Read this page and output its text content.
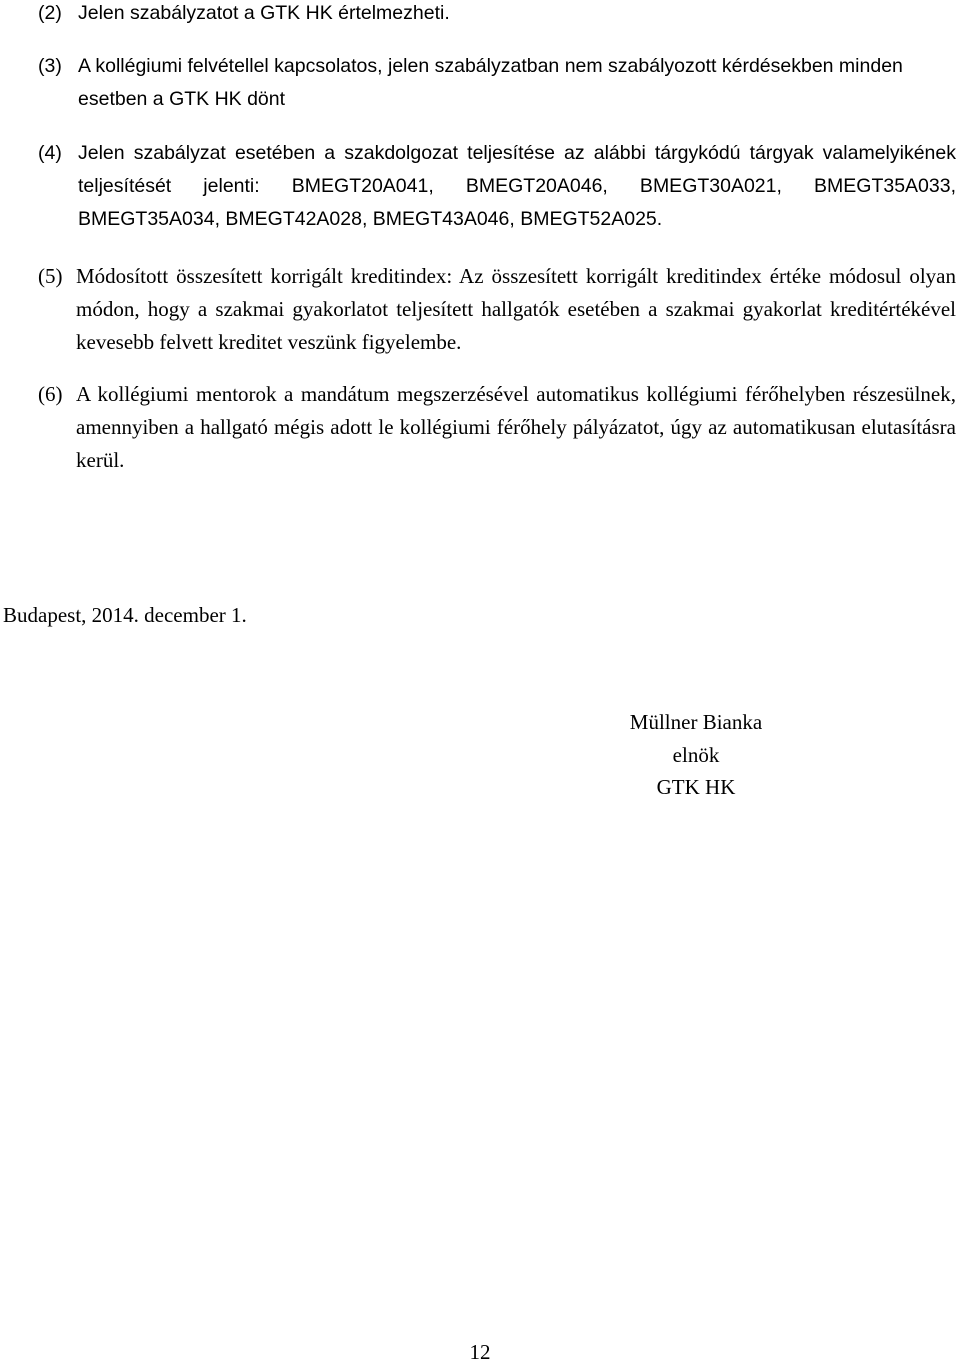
(2) Jelen szabályzatot a GTK HK értelmezheti.
(3) A kollégiumi felvétellel kapcsolatos, jelen szabályzatban nem szabályozott kérdésekben minden esetben a GTK HK dönt
(4) Jelen szabályzat esetében a szakdolgozat teljesítése az alábbi tárgykódú tárgyak valamelyikének teljesítését jelenti: BMEGT20A041, BMEGT20A046, BMEGT30A021, BMEGT35A033, BMEGT35A034, BMEGT42A028, BMEGT43A046, BMEGT52A025.
(5) Módosított összesített korrigált kreditindex: Az összesített korrigált kreditindex értéke módosul olyan módon, hogy a szakmai gyakorlatot teljesített hallgatók esetében a szakmai gyakorlat kreditértékével kevesebb felvett kreditet veszünk figyelembe.
(6) A kollégiumi mentorok a mandátum megszerzésével automatikus kollégiumi férőhelyben részesülnek, amennyiben a hallgató mégis adott le kollégiumi férőhely pályázatot, úgy az automatikusan elutasításra kerül.
Budapest, 2014. december 1.
Müllner Bianka
elnök
GTK HK
12
